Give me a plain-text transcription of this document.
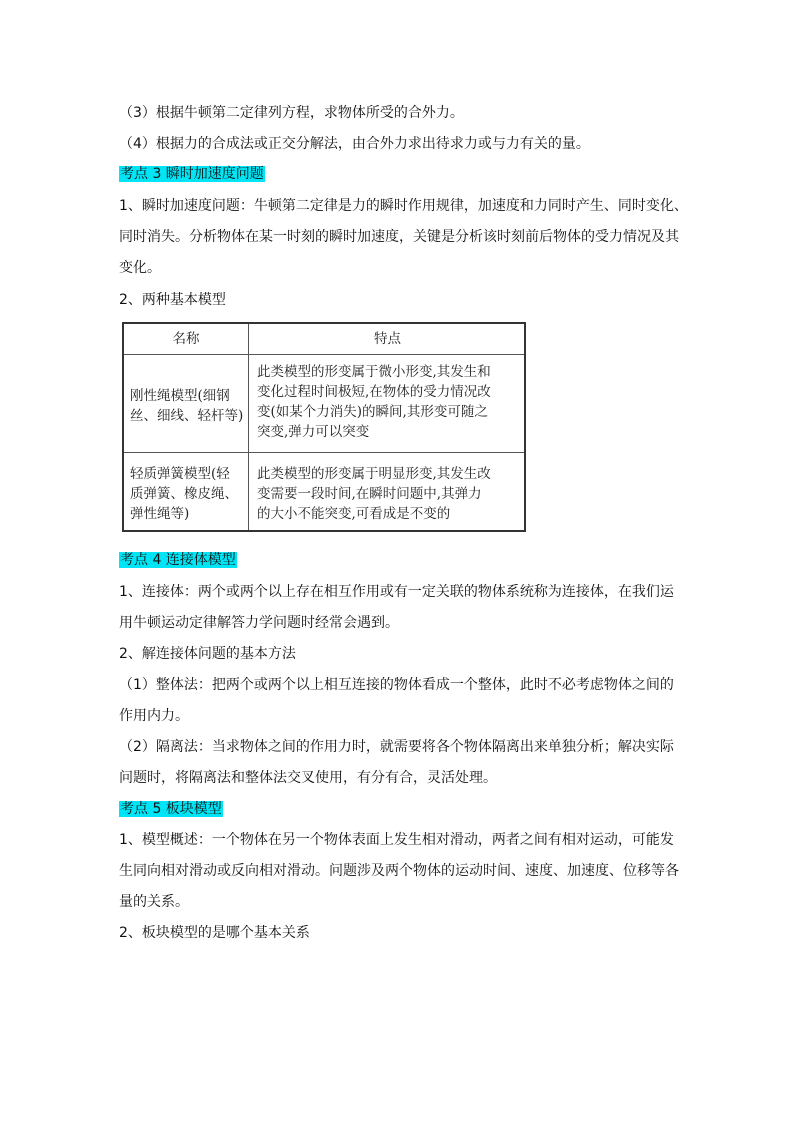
（3）根据牛顿第二定律列方程，求物体所受的合外力。
（4）根据力的合成法或正交分解法，由合外力求出待求力或与力有关的量。
考点 3 瞬时加速度问题
1、瞬时加速度问题：牛顿第二定律是力的瞬时作用规律，加速度和力同时产生、同时变化、
同时消失。分析物体在某一时刻的瞬时加速度，关键是分析该时刻前后物体的受力情况及其
变化。
2、两种基本模型
名称	特点
刚性绳模型(细钢
丝、细线、轻杆等)
此类模型的形变属于微小形变,其发生和
变化过程时间极短,在物体的受力情况改
变(如某个力消失)的瞬间,其形变可随之
突变,弹力可以突变
轻质弹簧模型(轻
质弹簧、橡皮绳、
弹性绳等)
此类模型的形变属于明显形变,其发生改
变需要一段时间,在瞬时问题中,其弹力
的大小不能突变,可看成是不变的
考点 4 连接体模型
1、连接体：两个或两个以上存在相互作用或有一定关联的物体系统称为连接体，在我们运
用牛顿运动定律解答力学问题时经常会遇到。
2、解连接体问题的基本方法
（1）整体法：把两个或两个以上相互连接的物体看成一个整体，此时不必考虑物体之间的
作用内力。
（2）隔离法：当求物体之间的作用力时，就需要将各个物体隔离出来单独分析；解决实际
问题时，将隔离法和整体法交叉使用，有分有合，灵活处理。
考点 5 板块模型
1、模型概述：一个物体在另一个物体表面上发生相对滑动，两者之间有相对运动，可能发
生同向相对滑动或反向相对滑动。问题涉及两个物体的运动时间、速度、加速度、位移等各
量的关系。
2、板块模型的是哪个基本关系
